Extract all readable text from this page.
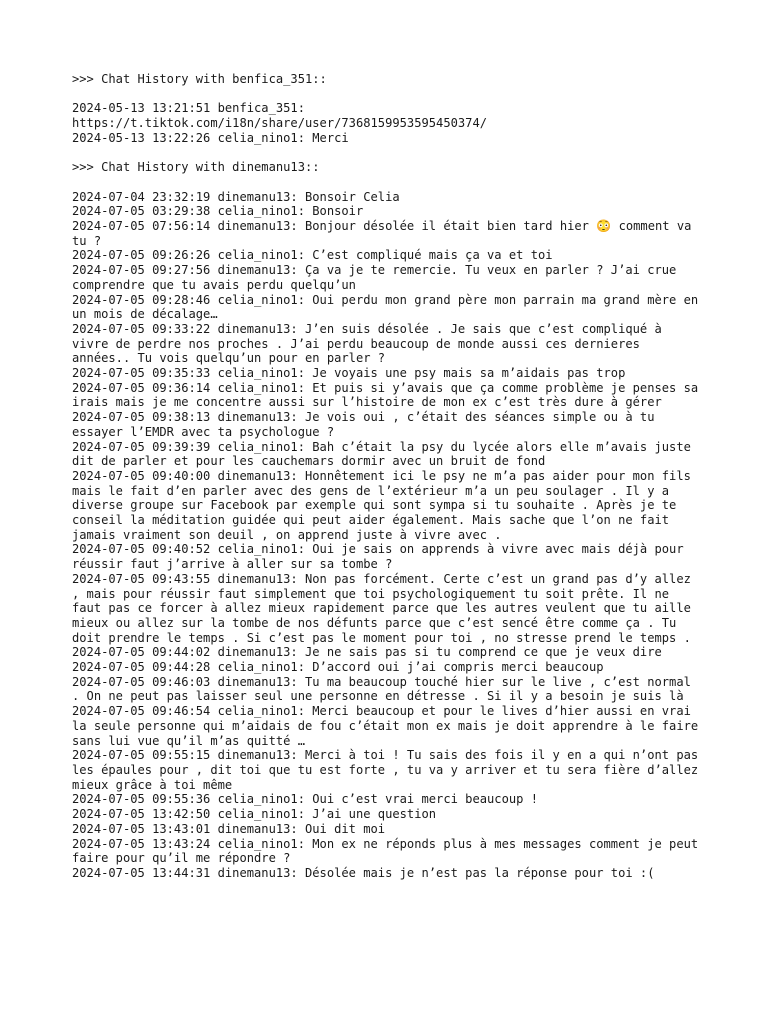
>>> Chat History with benfica_351::
2024-05-13 13:21:51 benfica_351:
https://t.tiktok.com/i18n/share/user/7368159953595450374/
2024-05-13 13:22:26 celia_nino1: Merci
>>> Chat History with dinemanu13::
2024-07-04 23:32:19 dinemanu13: Bonsoir Celia
2024-07-05 03:29:38 celia_nino1: Bonsoir
2024-07-05 07:56:14 dinemanu13: Bonjour désolée il était bien tard hier 😳 comment va tu ?
2024-07-05 09:26:26 celia_nino1: C’est compliqué mais ça va et toi
2024-07-05 09:27:56 dinemanu13: Ça va je te remercie. Tu veux en parler ? J’ai crue comprendre que tu avais perdu quelqu’un
2024-07-05 09:28:46 celia_nino1: Oui perdu mon grand père mon parrain ma grand mère en un mois de décalage…
2024-07-05 09:33:22 dinemanu13: J’en suis désolée . Je sais que c’est compliqué à vivre de perdre nos proches . J’ai perdu beaucoup de monde aussi ces dernieres années.. Tu vois quelqu’un pour en parler ?
2024-07-05 09:35:33 celia_nino1: Je voyais une psy mais sa m’aidais pas trop
2024-07-05 09:36:14 celia_nino1: Et puis si y’avais que ça comme problème je penses sa irais mais je me concentre aussi sur l’histoire de mon ex c’est très dure à gérer
2024-07-05 09:38:13 dinemanu13: Je vois oui , c’était des séances simple ou à tu essayer l’EMDR avec ta psychologue ?
2024-07-05 09:39:39 celia_nino1: Bah c’était la psy du lycée alors elle m’avais juste dit de parler et pour les cauchemars dormir avec un bruit de fond
2024-07-05 09:40:00 dinemanu13: Honnêtement ici le psy ne m’a pas aider pour mon fils mais le fait d’en parler avec des gens de l’extérieur m’a un peu soulager . Il y a diverse groupe sur Facebook par exemple qui sont sympa si tu souhaite . Après je te conseil la méditation guidée qui peut aider également. Mais sache que l’on ne fait jamais vraiment son deuil , on apprend juste à vivre avec .
2024-07-05 09:40:52 celia_nino1: Oui je sais on apprends à vivre avec mais déjà pour réussir faut j’arrive à aller sur sa tombe ?
2024-07-05 09:43:55 dinemanu13: Non pas forcément. Certe c’est un grand pas d’y allez , mais pour réussir faut simplement que toi psychologiquement tu soit prête. Il ne faut pas ce forcer à allez mieux rapidement parce que les autres veulent que tu aille mieux ou allez sur la tombe de nos défunts parce que c’est sencé être comme ça . Tu doit prendre le temps . Si c’est pas le moment pour toi , no stresse prend le temps .
2024-07-05 09:44:02 dinemanu13: Je ne sais pas si tu comprend ce que je veux dire
2024-07-05 09:44:28 celia_nino1: D’accord oui j’ai compris merci beaucoup
2024-07-05 09:46:03 dinemanu13: Tu ma beaucoup touché hier sur le live , c’est normal . On ne peut pas laisser seul une personne en détresse . Si il y a besoin je suis là
2024-07-05 09:46:54 celia_nino1: Merci beaucoup et pour le lives d’hier aussi en vrai la seule personne qui m’aidais de fou c’était mon ex mais je doit apprendre à le faire sans lui vue qu’il m’as quitté …
2024-07-05 09:55:15 dinemanu13: Merci à toi ! Tu sais des fois il y en a qui n’ont pas les épaules pour , dit toi que tu est forte , tu va y arriver et tu sera fière d’allez mieux grâce à toi même
2024-07-05 09:55:36 celia_nino1: Oui c’est vrai merci beaucoup !
2024-07-05 13:42:50 celia_nino1: J’ai une question
2024-07-05 13:43:01 dinemanu13: Oui dit moi
2024-07-05 13:43:24 celia_nino1: Mon ex ne réponds plus à mes messages comment je peut faire pour qu’il me répondre ?
2024-07-05 13:44:31 dinemanu13: Désolée mais je n’est pas la réponse pour toi :(
